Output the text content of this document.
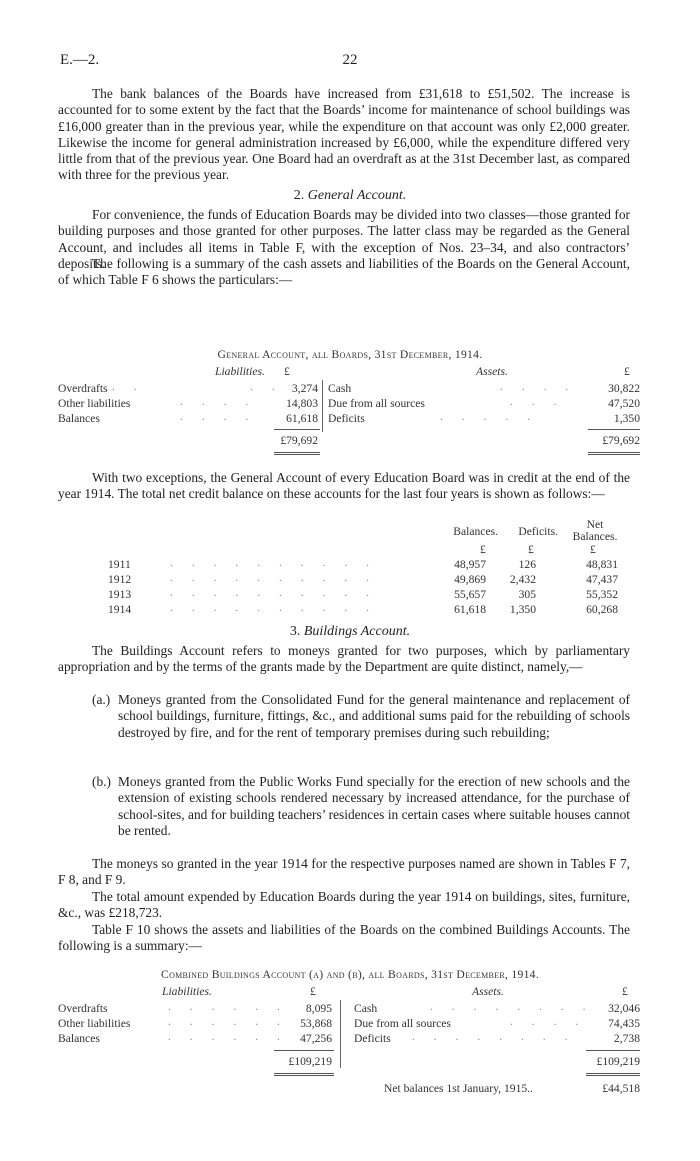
E.—2.	22
The bank balances of the Boards have increased from £31,618 to £51,502. The increase is accounted for to some extent by the fact that the Boards’ income for maintenance of school buildings was £16,000 greater than in the previous year, while the expenditure on that account was only £2,000 greater. Likewise the income for general administration increased by £6,000, while the expenditure differed very little from that of the previous year. One Board had an overdraft as at the 31st December last, as compared with three for the previous year.
2. General Account.
For convenience, the funds of Education Boards may be divided into two classes—those granted for building purposes and those granted for other purposes. The latter class may be regarded as the General Account, and includes all items in Table F, with the exception of Nos. 23–34, and also contractors’ deposits.
The following is a summary of the cash assets and liabilities of the Boards on the General Account, of which Table F 6 shows the particulars:—
General Account, all Boards, 31st December, 1914.
Liabilities. £	Assets.	£
Overdrafts . .	. . 3,274
Other liabilities	. . . .	14,803
Balances	. . . .	61,618
Cash	. . . .	30,822
Due from all sources	. . .	47,520
Deficits	. . . . .	1,350
£79,692	£79,692
With two exceptions, the General Account of every Education Board was in credit at the end of the year 1914. The total net credit balance on these accounts for the last four years is shown as follows:—
Balances.	Deficits.
Net
Balances.
£	£	£
1911	. . . . . . . . . .	48,957	126	48,831
1912	. . . . . . . . . .	49,869	2,432	47,437
1913	. . . . . . . . . .	55,657	305	55,352
1914	. . . . . . . . . .	61,618	1,350	60,268
3. Buildings Account.
The Buildings Account refers to moneys granted for two purposes, which by parliamentary appropriation and by the terms of the grants made by the Department are quite distinct, namely,—
(a.) Moneys granted from the Consolidated Fund for the general maintenance and replacement of school buildings, furniture, fittings, &c., and additional sums paid for the rebuilding of schools destroyed by fire, and for the rent of temporary premises during such rebuilding;
(b.) Moneys granted from the Public Works Fund specially for the erection of new schools and the extension of existing schools rendered necessary by increased attendance, for the purchase of school-sites, and for building teachers’ residences in certain cases where suitable houses cannot be rented.
The moneys so granted in the year 1914 for the respective purposes named are shown in Tables F 7, F 8, and F 9.
The total amount expended by Education Boards during the year 1914 on buildings, sites, furniture, &c., was £218,723.
Table F 10 shows the assets and liabilities of the Boards on the combined Buildings Accounts. The following is a summary:—
Combined Buildings Account (a) and (b), all Boards, 31st December, 1914.
Liabilities.	£	Assets.	£
Overdrafts	. . . . . .	8,095
Other liabilities	. . . . . .	53,868
Balances	. . . . . .	47,256
Cash	. . . . . . . .	32,046
Due from all sources	. . . .	74,435
Deficits . . . . . . . .	2,738
£109,219	£109,219
Net balances 1st January, 1915..	£44,518
